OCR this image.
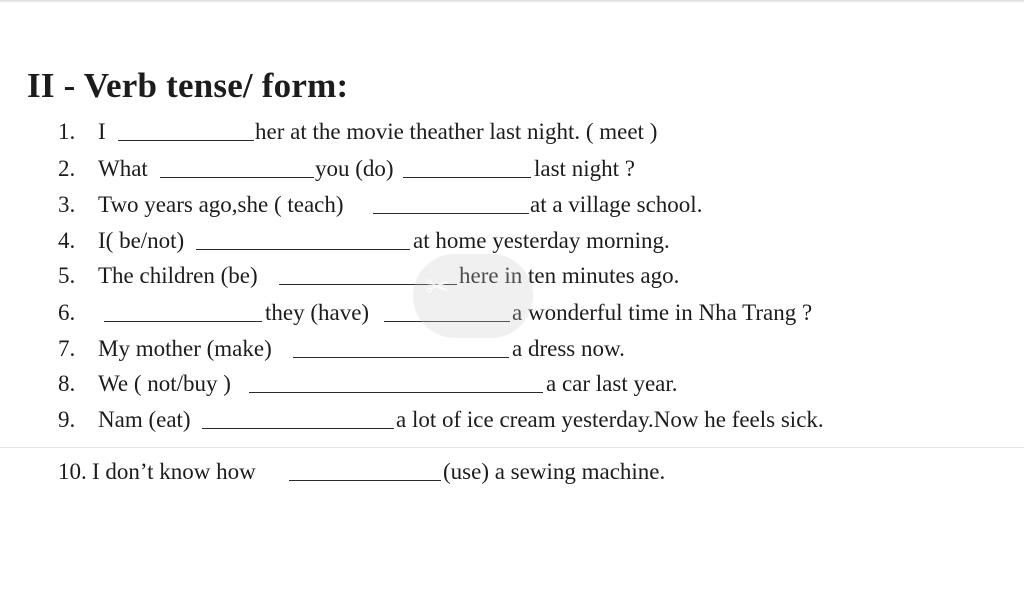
II - Verb tense/ form:
1. I	her at the movie theather last night. ( meet )
2. What	you (do)	last night ?
3. Two years ago,she ( teach)	at a village school.
4. I( be/not)	at home yesterday morning.
5. The children (be)	here in ten minutes ago.
6.	they (have)	a wonderful time in Nha Trang ?
7. My mother (make)	a dress now.
8. We ( not/buy )	a car last year.
9. Nam (eat)	a lot of ice cream yesterday.Now he feels sick.
10. I don’t know how	(use) a sewing machine.
✂
